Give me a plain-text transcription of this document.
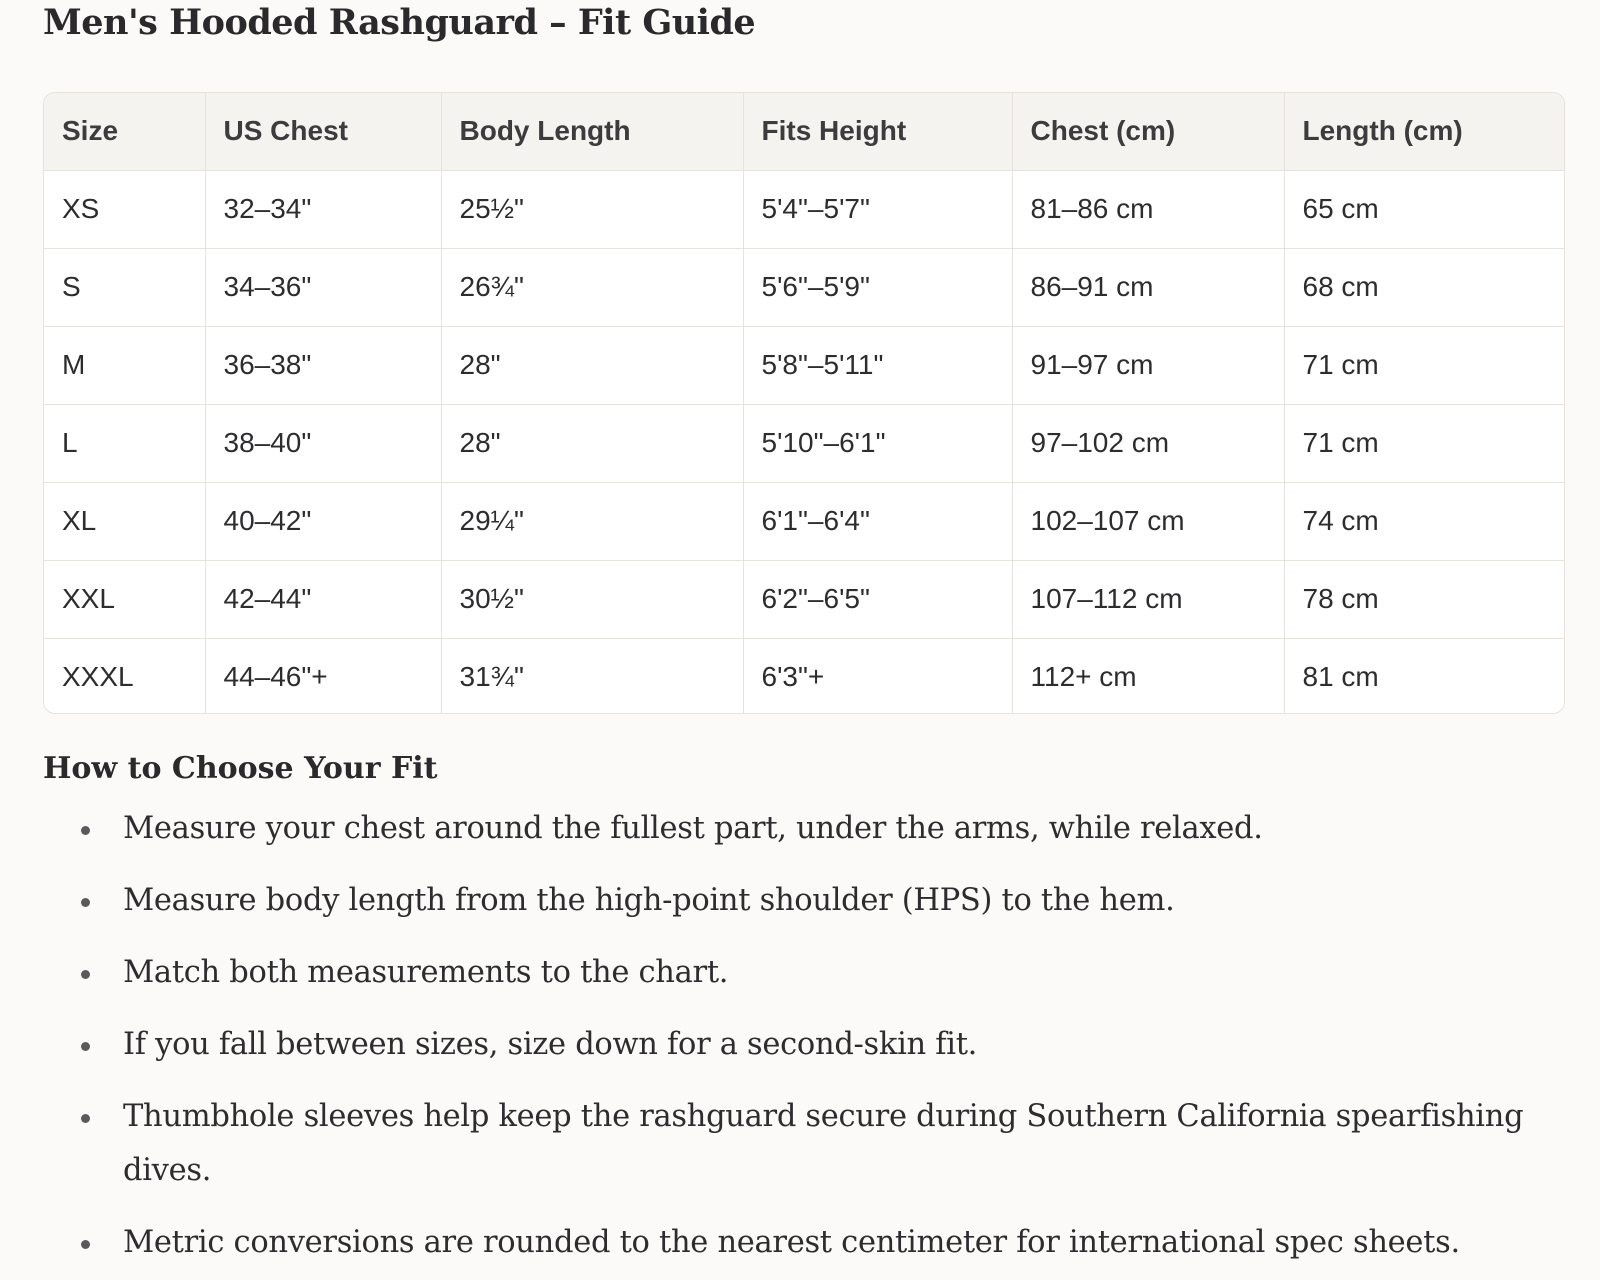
Men's Hooded Rashguard – Fit Guide
Size	US Chest	Body Length	Fits Height	Chest (cm)	Length (cm)
XS	32–34"	25½"	5'4"–5'7"	81–86 cm	65 cm
S	34–36"	26¾"	5'6"–5'9"	86–91 cm	68 cm
M	36–38"	28"	5'8"–5'11"	91–97 cm	71 cm
L	38–40"	28"	5'10"–6'1"	97–102 cm	71 cm
XL	40–42"	29¼"	6'1"–6'4"	102–107 cm	74 cm
XXL	42–44"	30½"	6'2"–6'5"	107–112 cm	78 cm
XXXL	44–46"+	31¾"	6'3"+	112+ cm	81 cm
How to Choose Your Fit
Measure your chest around the fullest part, under the arms, while relaxed.
Measure body length from the high-point shoulder (HPS) to the hem.
Match both measurements to the chart.
If you fall between sizes, size down for a second-skin fit.
Thumbhole sleeves help keep the rashguard secure during Southern California spearfishing dives.
Metric conversions are rounded to the nearest centimeter for international spec sheets.
